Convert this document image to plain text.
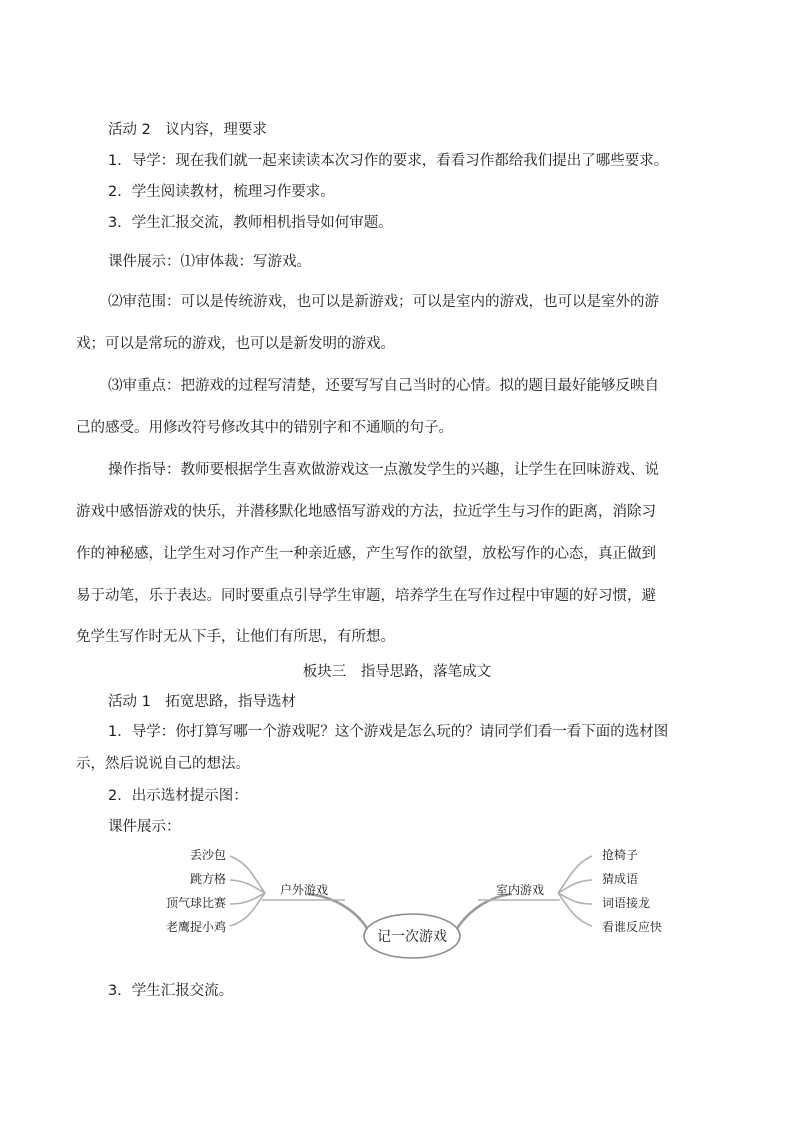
活动 2　议内容，理要求
1．导学：现在我们就一起来读读本次习作的要求，看看习作都给我们提出了哪些要求。
2．学生阅读教材，梳理习作要求。
3．学生汇报交流，教师相机指导如何审题。
课件展示：⑴审体裁：写游戏。
⑵审范围：可以是传统游戏，也可以是新游戏；可以是室内的游戏，也可以是室外的游
戏；可以是常玩的游戏，也可以是新发明的游戏。
⑶审重点：把游戏的过程写清楚，还要写写自己当时的心情。拟的题目最好能够反映自
己的感受。用修改符号修改其中的错别字和不通顺的句子。
操作指导：教师要根据学生喜欢做游戏这一点激发学生的兴趣，让学生在回味游戏、说
游戏中感悟游戏的快乐，并潜移默化地感悟写游戏的方法，拉近学生与习作的距离，消除习
作的神秘感，让学生对习作产生一种亲近感，产生写作的欲望，放松写作的心态，真正做到
易于动笔，乐于表达。同时要重点引导学生审题，培养学生在写作过程中审题的好习惯，避
免学生写作时无从下手，让他们有所思，有所想。
板块三　指导思路，落笔成文
活动 1　拓宽思路，指导选材
1．导学：你打算写哪一个游戏呢？这个游戏是怎么玩的？请同学们看一看下面的选材图
示，然后说说自己的想法。
2．出示选材提示图：
课件展示：
记一次游戏
户外游戏	室内游戏
丢沙包
跳方格
顶气球比赛
老鹰捉小鸡
抢椅子
猜成语
词语接龙
看谁反应快
3．学生汇报交流。
